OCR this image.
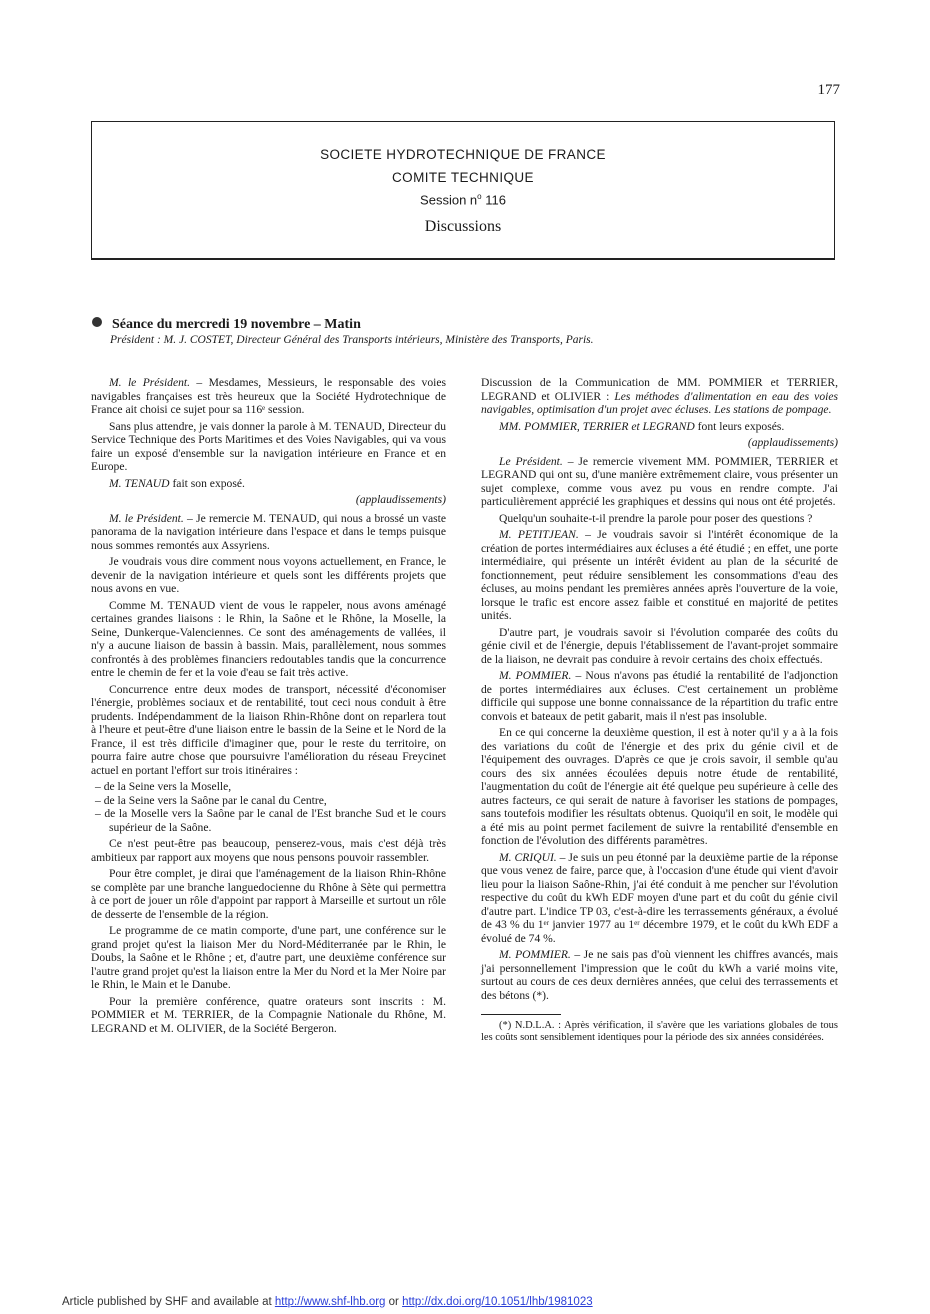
177
SOCIETE HYDROTECHNIQUE DE FRANCE
COMITE TECHNIQUE
Session $n^o$ 116
Discussions
Séance du mercredi 19 novembre – Matin
Président : M. J. COSTET, Directeur Général des Transports intérieurs, Ministère des Transports, Paris.

M. le Président. – Mesdames, Messieurs, le responsable des voies navigables françaises est très heureux que la Société Hydrotechnique de France ait choisi ce sujet pour sa 116ᵉ session.

Sans plus attendre, je vais donner la parole à M. TENAUD, Directeur du Service Technique des Ports Maritimes et des Voies Navigables, qui va vous faire un exposé d'ensemble sur la navigation intérieure en France et en Europe.

M. TENAUD fait son exposé.

(applaudissements)

M. le Président. – Je remercie M. TENAUD, qui nous a brossé un vaste panorama de la navigation intérieure dans l'espace et dans le temps puisque nous sommes remontés aux Assyriens.

Je voudrais vous dire comment nous voyons actuellement, en France, le devenir de la navigation intérieure et quels sont les différents projets que nous avons en vue.

Comme M. TENAUD vient de vous le rappeler, nous avons aménagé certaines grandes liaisons : le Rhin, la Saône et le Rhône, la Moselle, la Seine, Dunkerque-Valenciennes. Ce sont des aménagements de vallées, il n'y a aucune liaison de bassin à bassin. Mais, parallèlement, nous sommes confrontés à des problèmes financiers redoutables tandis que la concurrence entre le chemin de fer et la voie d'eau se fait très active.

Concurrence entre deux modes de transport, nécessité d'économiser l'énergie, problèmes sociaux et de rentabilité, tout ceci nous conduit à être prudents. Indépendamment de la liaison Rhin-Rhône dont on reparlera tout à l'heure et peut-être d'une liaison entre le bassin de la Seine et le Nord de la France, il est très difficile d'imaginer que, pour le reste du territoire, on pourra faire autre chose que poursuivre l'amélioration du réseau Freycinet actuel en portant l'effort sur trois itinéraires :

– de la Seine vers la Moselle,
– de la Seine vers la Saône par le canal du Centre,
– de la Moselle vers la Saône par le canal de l'Est branche Sud et le cours supérieur de la Saône.

Ce n'est peut-être pas beaucoup, penserez-vous, mais c'est déjà très ambitieux par rapport aux moyens que nous pensons pouvoir rassembler.

Pour être complet, je dirai que l'aménagement de la liaison Rhin-Rhône se complète par une branche languedocienne du Rhône à Sète qui permettra à ce port de jouer un rôle d'appoint par rapport à Marseille et surtout un rôle de desserte de l'ensemble de la région.

Le programme de ce matin comporte, d'une part, une conférence sur le grand projet qu'est la liaison Mer du Nord-Méditerranée par le Rhin, le Doubs, la Saône et le Rhône ; et, d'autre part, une deuxième conférence sur l'autre grand projet qu'est la liaison entre la Mer du Nord et la Mer Noire par le Rhin, le Main et le Danube.

Pour la première conférence, quatre orateurs sont inscrits : M. POMMIER et M. TERRIER, de la Compagnie Nationale du Rhône, M. LEGRAND et M. OLIVIER, de la Société Bergeron.

Discussion de la Communication de MM. POMMIER et TERRIER, LEGRAND et OLIVIER : Les méthodes d'alimentation en eau des voies navigables, optimisation d'un projet avec écluses. Les stations de pompage.

MM. POMMIER, TERRIER et LEGRAND font leurs exposés.

(applaudissements)

Le Président. – Je remercie vivement MM. POMMIER, TERRIER et LEGRAND qui ont su, d'une manière extrêmement claire, vous présenter un sujet complexe, comme vous avez pu vous en rendre compte. J'ai particulièrement apprécié les graphiques et dessins qui nous ont été projetés.

Quelqu'un souhaite-t-il prendre la parole pour poser des questions ?

M. PETITJEAN. – Je voudrais savoir si l'intérêt économique de la création de portes intermédiaires aux écluses a été étudié ; en effet, une porte intermédiaire, qui présente un intérêt évident au plan de la sécurité de fonctionnement, peut réduire sensiblement les consommations d'eau des écluses, au moins pendant les premières années après l'ouverture de la voie, lorsque le trafic est encore assez faible et constitué en majorité de petites unités.

D'autre part, je voudrais savoir si l'évolution comparée des coûts du génie civil et de l'énergie, depuis l'établissement de l'avant-projet sommaire de la liaison, ne devrait pas conduire à revoir certains des choix effectués.

M. POMMIER. – Nous n'avons pas étudié la rentabilité de l'adjonction de portes intermédiaires aux écluses. C'est certainement un problème difficile qui suppose une bonne connaissance de la répartition du trafic entre convois et bateaux de petit gabarit, mais il n'est pas insoluble.

En ce qui concerne la deuxième question, il est à noter qu'il y a à la fois des variations du coût de l'énergie et des prix du génie civil et de l'équipement des ouvrages. D'après ce que je crois savoir, il semble qu'au cours des six années écoulées depuis notre étude de rentabilité, l'augmentation du coût de l'énergie ait été quelque peu supérieure à celle des autres facteurs, ce qui serait de nature à favoriser les stations de pompages, sans toutefois modifier les résultats obtenus. Quoiqu'il en soit, le modèle qui a été mis au point permet facilement de suivre la rentabilité d'ensemble en fonction de l'évolution des différents paramètres.

M. CRIQUI. – Je suis un peu étonné par la deuxième partie de la réponse que vous venez de faire, parce que, à l'occasion d'une étude qui vient d'avoir lieu pour la liaison Saône-Rhin, j'ai été conduit à me pencher sur l'évolution respective du coût du kWh EDF moyen d'une part et du coût du génie civil d'autre part. L'indice TP 03, c'est-à-dire les terrassements généraux, a évolué de 43 % du 1ᵉʳ janvier 1977 au 1ᵉʳ décembre 1979, et le coût du kWh EDF a évolué de 74 %.

M. POMMIER. – Je ne sais pas d'où viennent les chiffres avancés, mais j'ai personnellement l'impression que le coût du kWh a varié moins vite, surtout au cours de ces deux dernières années, que celui des terrassements et des bétons (*).

(*) N.D.L.A. : Après vérification, il s'avère que les variations globales de tous les coûts sont sensiblement identiques pour la période des six années considérées.
Article published by SHF and available at http://www.shf-lhb.org or http://dx.doi.org/10.1051/lhb/1981023
